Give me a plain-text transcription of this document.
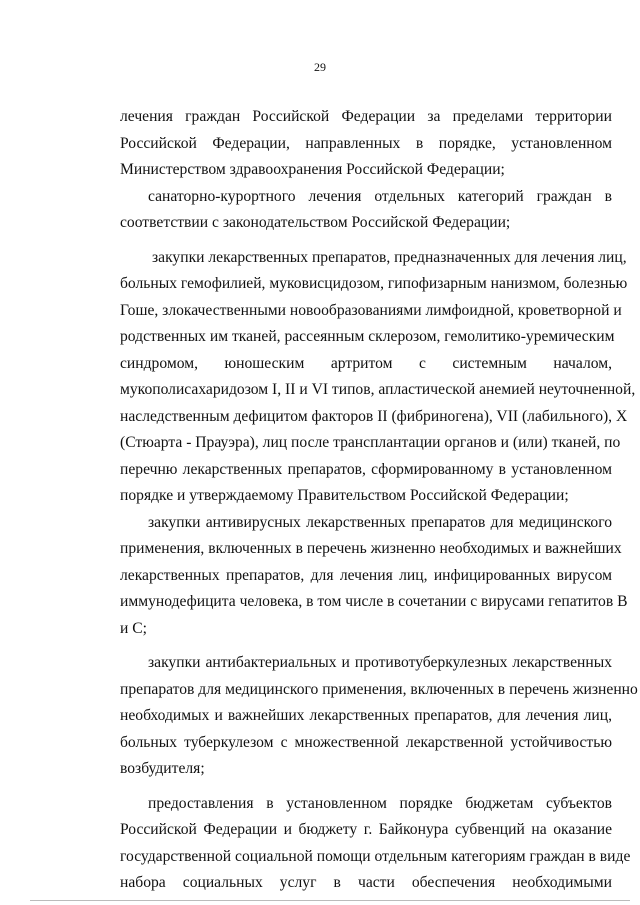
29
лечения граждан Российской Федерации за пределами территории
Российской Федерации, направленных в порядке, установленном
Министерством здравоохранения Российской Федерации;
санаторно-курортного лечения отдельных категорий граждан в
соответствии с законодательством Российской Федерации;
закупки лекарственных препаратов, предназначенных для лечения лиц,
больных гемофилией, муковисцидозом, гипофизарным нанизмом, болезнью
Гоше, злокачественными новообразованиями лимфоидной, кроветворной и
родственных им тканей, рассеянным склерозом, гемолитико-уремическим
синдромом, юношеским артритом с системным началом,
мукополисахаридозом I, II и VI типов, апластической анемией неуточненной,
наследственным дефицитом факторов II (фибриногена), VII (лабильного), X
(Стюарта - Прауэра), лиц после трансплантации органов и (или) тканей, по
перечню лекарственных препаратов, сформированному в установленном
порядке и утверждаемому Правительством Российской Федерации;
закупки антивирусных лекарственных препаратов для медицинского
применения, включенных в перечень жизненно необходимых и важнейших
лекарственных препаратов, для лечения лиц, инфицированных вирусом
иммунодефицита человека, в том числе в сочетании с вирусами гепатитов В
и С;
закупки антибактериальных и противотуберкулезных лекарственных
препаратов для медицинского применения, включенных в перечень жизненно
необходимых и важнейших лекарственных препаратов, для лечения лиц,
больных туберкулезом с множественной лекарственной устойчивостью
возбудителя;
предоставления в установленном порядке бюджетам субъектов
Российской Федерации и бюджету г. Байконура субвенций на оказание
государственной социальной помощи отдельным категориям граждан в виде
набора социальных услуг в части обеспечения необходимыми
